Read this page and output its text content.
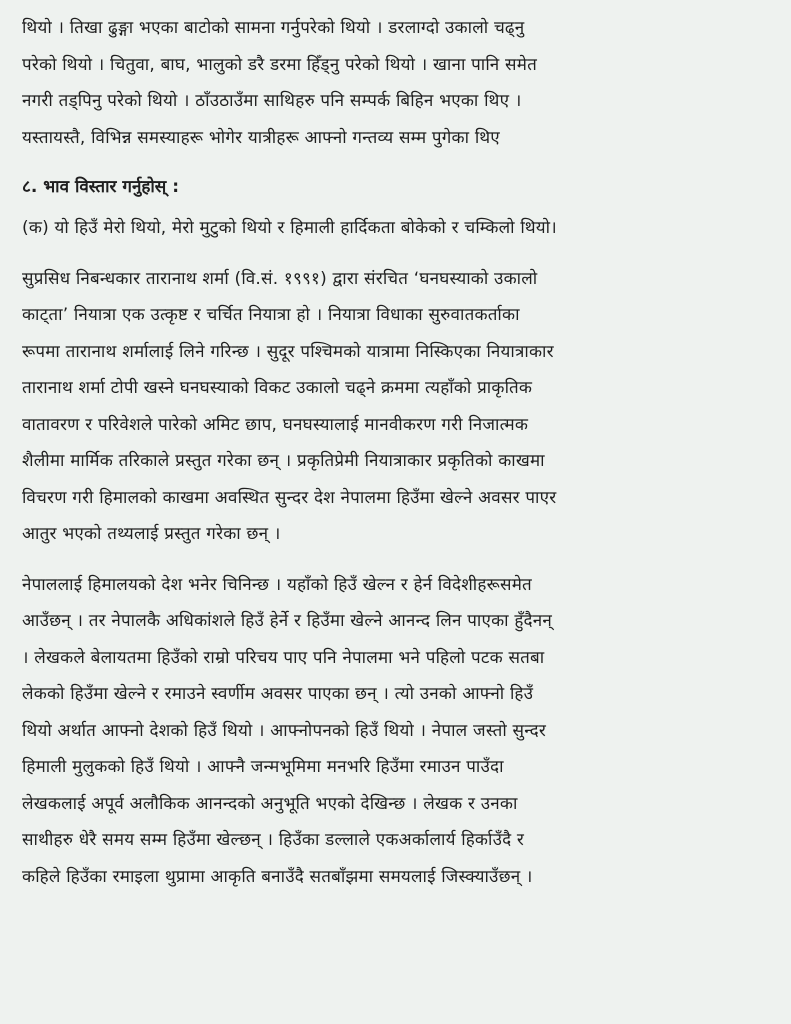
थियो । तिखा ढुङ्गा भएका बाटोको सामना गर्नुपरेको थियो । डरलाग्दो उकालो चढ्नु
परेको थियो । चितुवा, बाघ, भालुको डरै डरमा हिँड्नु परेको थियो । खाना पानि समेत
नगरी तड्पिनु परेको थियो । ठाँउठाउँमा साथिहरु पनि सम्पर्क बिहिन भएका थिए ।
यस्तायस्तै, विभिन्न समस्याहरू भोगेर यात्रीहरू आफ्नो गन्तव्य सम्म पुगेका थिए
८. भाव विस्तार गर्नुहोस् :
(क) यो हिउँ मेरो थियो, मेरो मुटुको थियो र हिमाली हार्दिकता बोकेको र चम्किलो थियो।
सुप्रसिध निबन्धकार तारानाथ शर्मा (वि.सं. १९९१) द्वारा संरचित ‘घनघस्याको उकालो
काट्ता’ नियात्रा एक उत्कृष्ट र चर्चित नियात्रा हो । नियात्रा विधाका सुरुवातकर्ताका
रूपमा तारानाथ शर्मालाई लिने गरिन्छ । सुदूर पश्चिमको यात्रामा निस्किएका नियात्राकार
तारानाथ शर्मा टोपी खस्ने घनघस्याको विकट उकालो चढ्ने क्रममा त्यहाँको प्राकृतिक
वातावरण र परिवेशले पारेको अमिट छाप, घनघस्यालाई मानवीकरण गरी निजात्मक
शैलीमा मार्मिक तरिकाले प्रस्तुत गरेका छन् । प्रकृतिप्रेमी नियात्राकार प्रकृतिको काखमा
विचरण गरी हिमालको काखमा अवस्थित सुन्दर देश नेपालमा हिउँमा खेल्ने अवसर पाएर
आतुर भएको तथ्यलाई प्रस्तुत गरेका छन् ।
नेपाललाई हिमालयको देश भनेर चिनिन्छ । यहाँको हिउँ खेल्न र हेर्न विदेशीहरूसमेत
आउँछन् । तर नेपालकै अधिकांशले हिउँ हेर्ने र हिउँमा खेल्ने आनन्द लिन पाएका हुँदैनन्
। लेखकले बेलायतमा हिउँको राम्रो परिचय पाए पनि नेपालमा भने पहिलो पटक सतबा
लेकको हिउँमा खेल्ने र रमाउने स्वर्णीम अवसर पाएका छन् । त्यो उनको आफ्नो हिउँ
थियो अर्थात आफ्नो देशको हिउँ थियो । आफ्नोपनको हिउँ थियो । नेपाल जस्तो सुन्दर
हिमाली मुलुकको हिउँ थियो । आफ्नै जन्मभूमिमा मनभरि हिउँमा रमाउन पाउँदा
लेखकलाई अपूर्व अलौकिक आनन्दको अनुभूति भएको देखिन्छ । लेखक र उनका
साथीहरु धेरै समय सम्म हिउँमा खेल्छन् । हिउँका डल्लाले एकअर्कालार्य हिर्काउँदै र
कहिले हिउँका रमाइला थुप्रामा आकृति बनाउँदै सतबाँझमा समयलाई जिस्क्याउँछन् ।
